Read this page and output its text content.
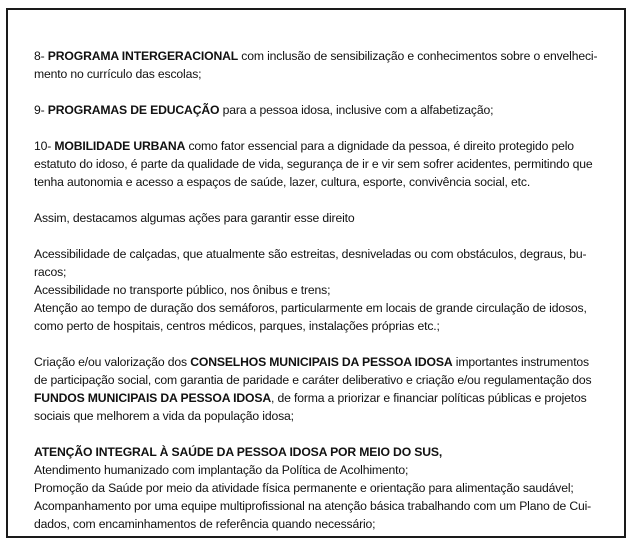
8- PROGRAMA INTERGERACIONAL com inclusão de sensibilização e conhecimentos sobre o envelheci-
mento no currículo das escolas;
9- PROGRAMAS DE EDUCAÇÃO para a pessoa idosa, inclusive com a alfabetização;
10- MOBILIDADE URBANA como fator essencial para a dignidade da pessoa, é direito protegido pelo
estatuto do idoso, é parte da qualidade de vida, segurança de ir e vir sem sofrer acidentes, permitindo que
tenha autonomia e acesso a espaços de saúde, lazer, cultura, esporte, convivência social, etc.
Assim, destacamos algumas ações para garantir esse direito
Acessibilidade de calçadas, que atualmente são estreitas, desniveladas ou com obstáculos, degraus, bu-
racos;
Acessibilidade no transporte público, nos ônibus e trens;
Atenção ao tempo de duração dos semáforos, particularmente em locais de grande circulação de idosos,
como perto de hospitais, centros médicos, parques, instalações próprias etc.;
Criação e/ou valorização dos CONSELHOS MUNICIPAIS DA PESSOA IDOSA importantes instrumentos
de participação social, com garantia de paridade e caráter deliberativo e criação e/ou regulamentação dos
FUNDOS MUNICIPAIS DA PESSOA IDOSA, de forma a priorizar e financiar políticas públicas e projetos
sociais que melhorem a vida da população idosa;
ATENÇÃO INTEGRAL À SAÚDE DA PESSOA IDOSA POR MEIO DO SUS,
Atendimento humanizado com implantação da Política de Acolhimento;
Promoção da Saúde por meio da atividade física permanente e orientação para alimentação saudável;
Acompanhamento por uma equipe multiprofissional na atenção básica trabalhando com um Plano de Cui-
dados, com encaminhamentos de referência quando necessário;
